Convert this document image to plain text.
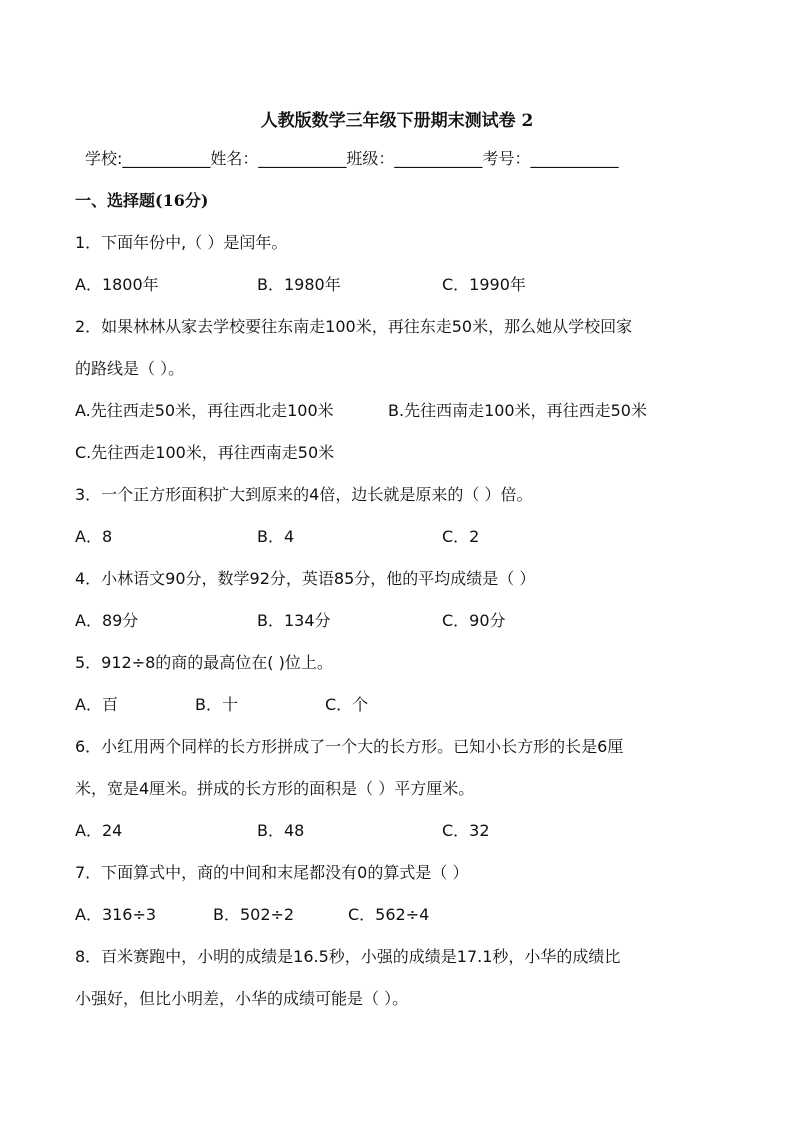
人教版数学三年级下册期末测试卷 2
学校:___________姓名：___________班级：___________考号：___________
一、选择题(16分)
1．下面年份中,（ ）是闰年。
A．1800年	B．1980年	C．1990年
2．如果林林从家去学校要往东南走100米，再往东走50米，那么她从学校回家
的路线是（ ）。
A.先往西走50米，再往西北走100米	B.先往西南走100米，再往西走50米
C.先往西走100米，再往西南走50米
3．一个正方形面积扩大到原来的4倍，边长就是原来的（ ）倍。
A．8	B．4	C．2
4．小林语文90分，数学92分，英语85分，他的平均成绩是（ ）
A．89分	B．134分	C．90分
5．912÷8的商的最高位在( )位上。
A．百	B．十	C．个
6．小红用两个同样的长方形拼成了一个大的长方形。已知小长方形的长是6厘
米，宽是4厘米。拼成的长方形的面积是（ ）平方厘米。
A．24	B．48	C．32
7．下面算式中，商的中间和末尾都没有0的算式是（ ）
A．316÷3	B．502÷2	C．562÷4
8．百米赛跑中，小明的成绩是16.5秒，小强的成绩是17.1秒，小华的成绩比
小强好，但比小明差，小华的成绩可能是（ ）。
